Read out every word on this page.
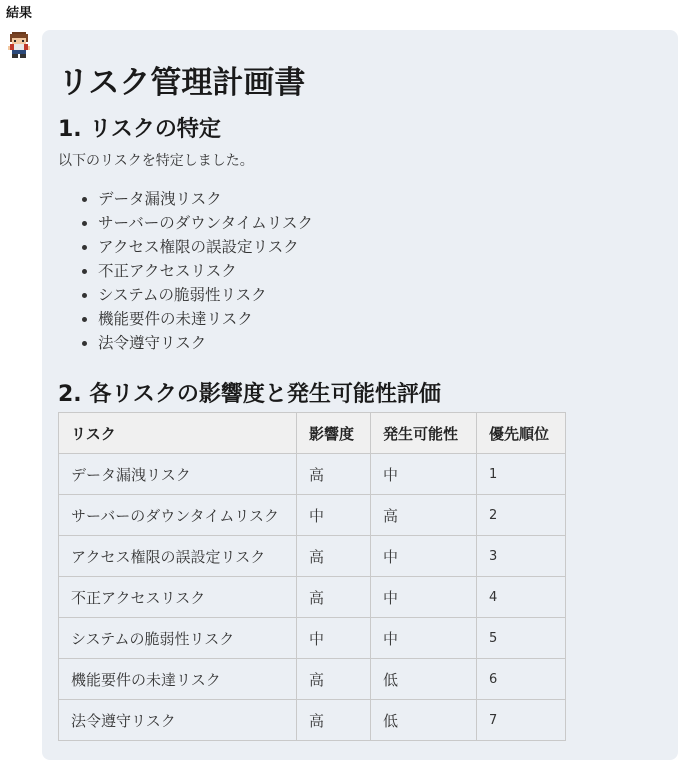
結果
リスク管理計画書
1. リスクの特定

以下のリスクを特定しました。

• データ漏洩リスク
• サーバーのダウンタイムリスク
• アクセス権限の誤設定リスク
• 不正アクセスリスク
• システムの脆弱性リスク
• 機能要件の未達リスク
• 法令遵守リスク
2. 各リスクの影響度と発生可能性評価
リスク	影響度	発生可能性	優先順位
データ漏洩リスク	高	中	1
サーバーのダウンタイムリスク	中	高	2
アクセス権限の誤設定リスク	高	中	3
不正アクセスリスク	高	中	4
システムの脆弱性リスク	中	中	5
機能要件の未達リスク	高	低	6
法令遵守リスク	高	低	7
